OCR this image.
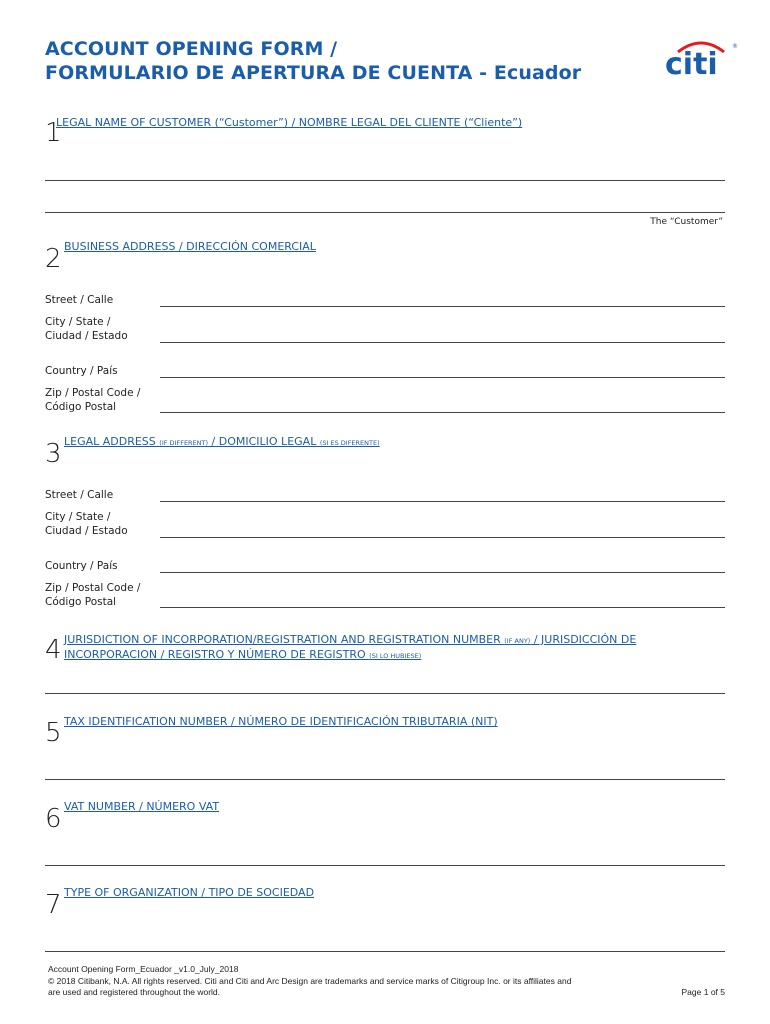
ACCOUNT OPENING FORM /
FORMULARIO DE APERTURA DE CUENTA - Ecuador	citi
®
1
LEGAL NAME OF CUSTOMER (“Customer”) / NOMBRE LEGAL DEL CLIENTE (“Cliente”)
The “Customer”
2 BUSINESS ADDRESS / DIRECCIÓN COMERCIAL
Street / Calle
City / State /
Ciudad / Estado
Country / País
Zip / Postal Code /
Código Postal
3 LEGAL ADDRESS (IF DIFFERENT) / DOMICILIO LEGAL (SI ES DIFERENTE)
Street / Calle
City / State /
Ciudad / Estado
Country / País
Zip / Postal Code /
Código Postal
4 JURISDICTION OF INCORPORATION/REGISTRATION AND REGISTRATION NUMBER (IF ANY) / JURISDICCIÓN DE
INCORPORACION / REGISTRO Y NÚMERO DE REGISTRO (SI LO HUBIESE)
5 TAX IDENTIFICATION NUMBER / NÚMERO DE IDENTIFICACIÓN TRIBUTARIA (NIT)
6 VAT NUMBER / NÚMERO VAT
7 TYPE OF ORGANIZATION / TIPO DE SOCIEDAD
Account Opening Form_Ecuador _v1.0_July_2018
© 2018 Citibank, N.A. All rights reserved. Citi and Citi and Arc Design are trademarks and service marks of Citigroup Inc. or its affiliates and
are used and registered throughout the world.	Page 1 of 5
